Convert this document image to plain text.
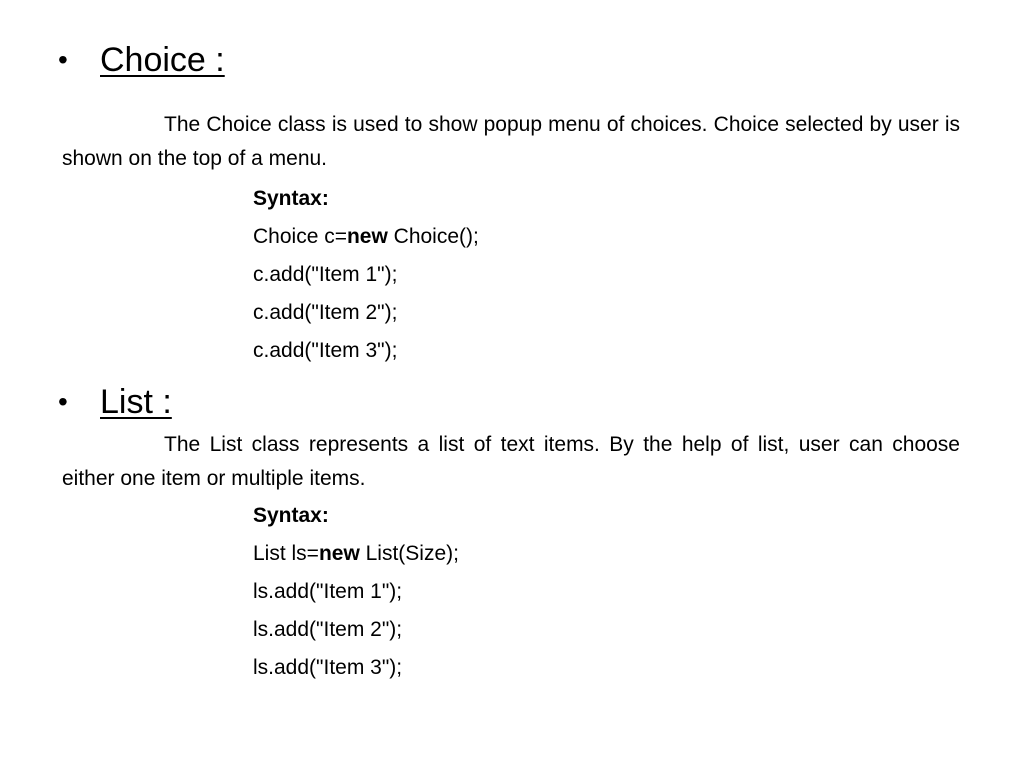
• Choice :
The Choice class is used to show popup menu of choices. Choice selected by user is shown on the top of a menu.
Syntax:
Choice c=new Choice();
c.add("Item 1");
c.add("Item 2");
c.add("Item 3");
• List :
The List class represents a list of text items. By the help of list, user can choose either one item or multiple items.
Syntax:
List ls=new List(Size);
ls.add("Item 1");
ls.add("Item 2");
ls.add("Item 3");
